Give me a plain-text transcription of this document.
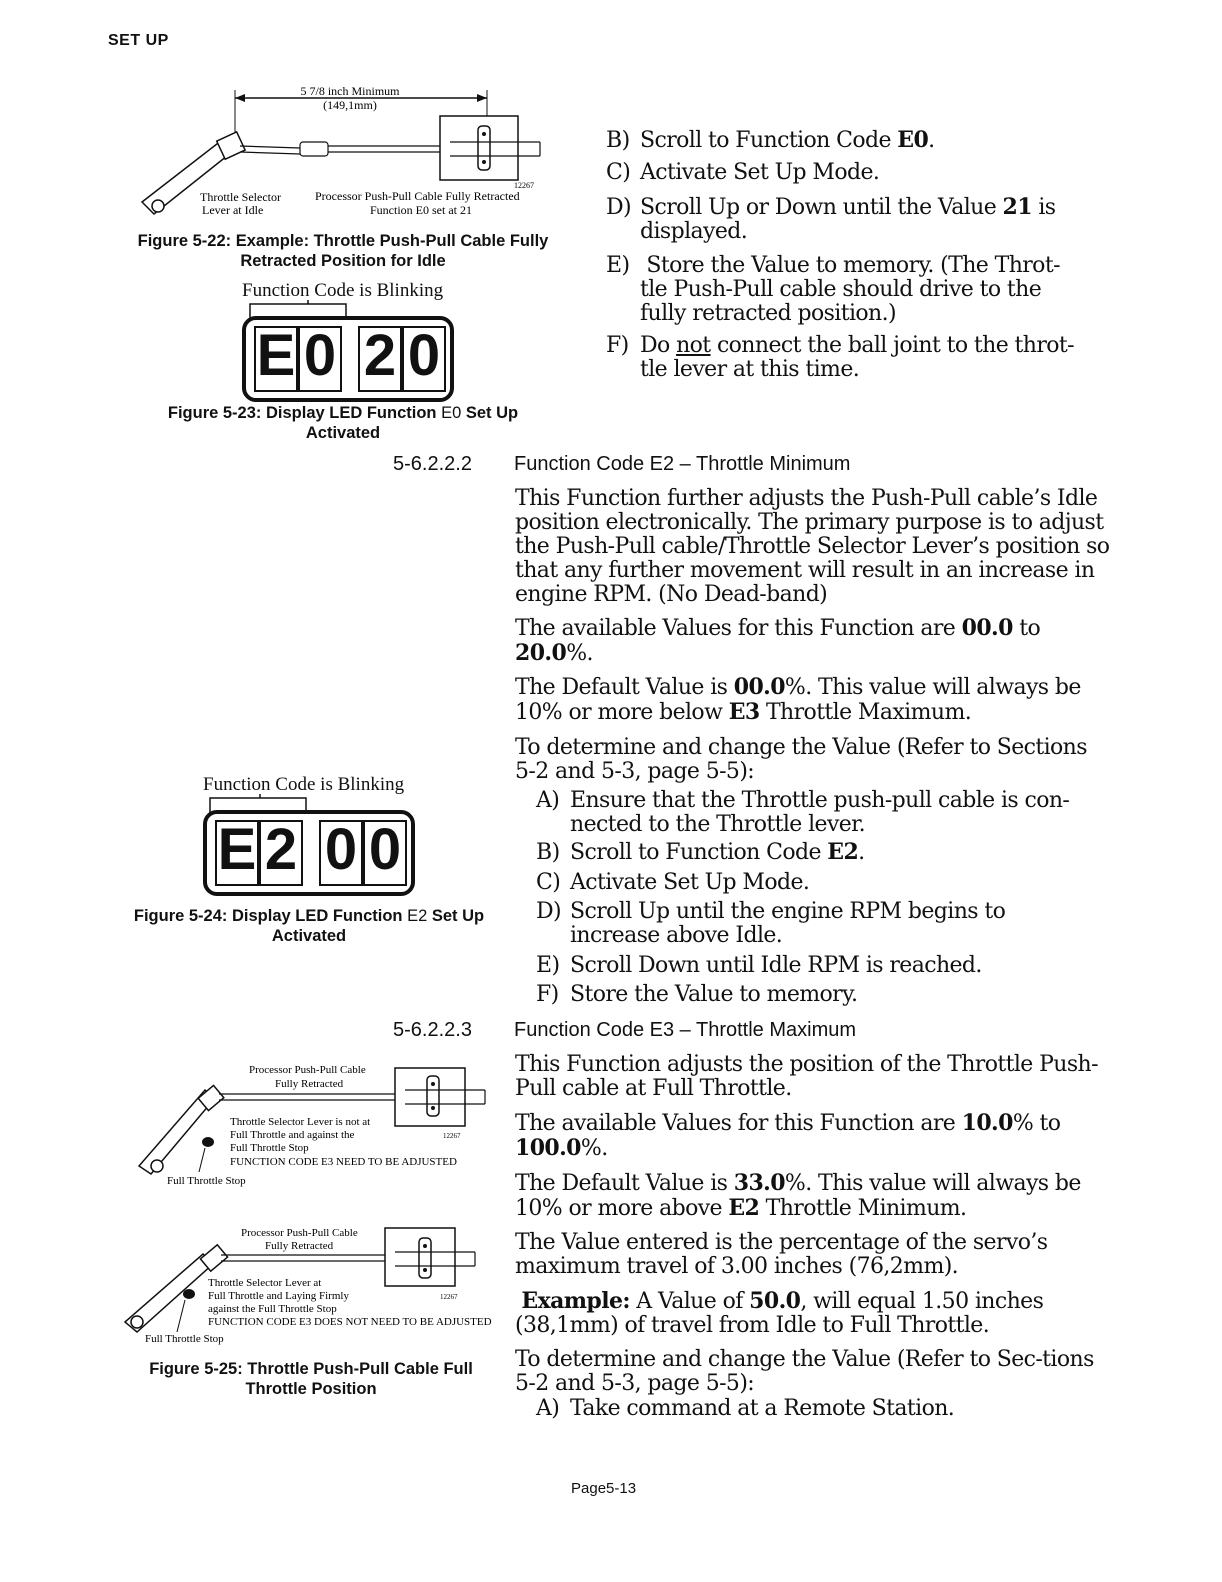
SET UP
5 7/8 inch Minimum
(149,1mm)
12267
Throttle Selector
Lever at Idle
Processor Push-Pull Cable Fully Retracted
Function E0 set at 21
Figure 5-22: Example: Throttle Push-Pull Cable Fully
Retracted Position for Idle
Function Code is Blinking
E 0 2 0
Figure 5-23: Display LED Function E0 Set Up
Activated
B) Scroll to Function Code E0.
C) Activate Set Up Mode.
D) Scroll Up or Down until the Value 21 is
displayed.
E) Store the Value to memory. (The Throt-
tle Push-Pull cable should drive to the
fully retracted position.)
F) Do not connect the ball joint to the throt-
tle lever at this time.
5-6.2.2.2 Function Code E2 – Throttle Minimum

This Function further adjusts the Push-Pull cable’s Idle position electronically. The primary purpose is to adjust the Push-Pull cable/Throttle Selector Lever’s position so that any further movement will result in an increase in engine RPM. (No Dead-band)

The available Values for this Function are 00.0 to 20.0%.

The Default Value is 00.0%. This value will always be 10% or more below E3 Throttle Maximum.

To determine and change the Value (Refer to Sections 5-2 and 5-3, page 5-5):

A) Ensure that the Throttle push-pull cable is con-
nected to the Throttle lever.
B) Scroll to Function Code E2.
C) Activate Set Up Mode.
D) Scroll Up until the engine RPM begins to
increase above Idle.
E) Scroll Down until Idle RPM is reached.
F) Store the Value to memory.
Function Code is Blinking
E 2 0 0
Figure 5-24: Display LED Function E2 Set Up
Activated
5-6.2.2.3 Function Code E3 – Throttle Maximum

This Function adjusts the position of the Throttle Push-Pull cable at Full Throttle.

The available Values for this Function are 10.0% to 100.0%.

The Default Value is 33.0%. This value will always be 10% or more above E2 Throttle Minimum.

The Value entered is the percentage of the servo’s maximum travel of 3.00 inches (76,2mm).

Example: A Value of 50.0, will equal 1.50 inches (38,1mm) of travel from Idle to Full Throttle.

To determine and change the Value (Refer to Sec-tions 5-2 and 5-3, page 5-5):

A) Take command at a Remote Station.
Processor Push-Pull Cable
Fully Retracted
12267
Throttle Selector Lever is not at
Full Throttle and against the
Full Throttle Stop
FUNCTION CODE E3 NEED TO BE ADJUSTED
Full Throttle Stop
Processor Push-Pull Cable
Fully Retracted
12267
Throttle Selector Lever at
Full Throttle and Laying Firmly
against the Full Throttle Stop
FUNCTION CODE E3 DOES NOT NEED TO BE ADJUSTED
Full Throttle Stop
Figure 5-25: Throttle Push-Pull Cable Full
Throttle Position
Page5-13
